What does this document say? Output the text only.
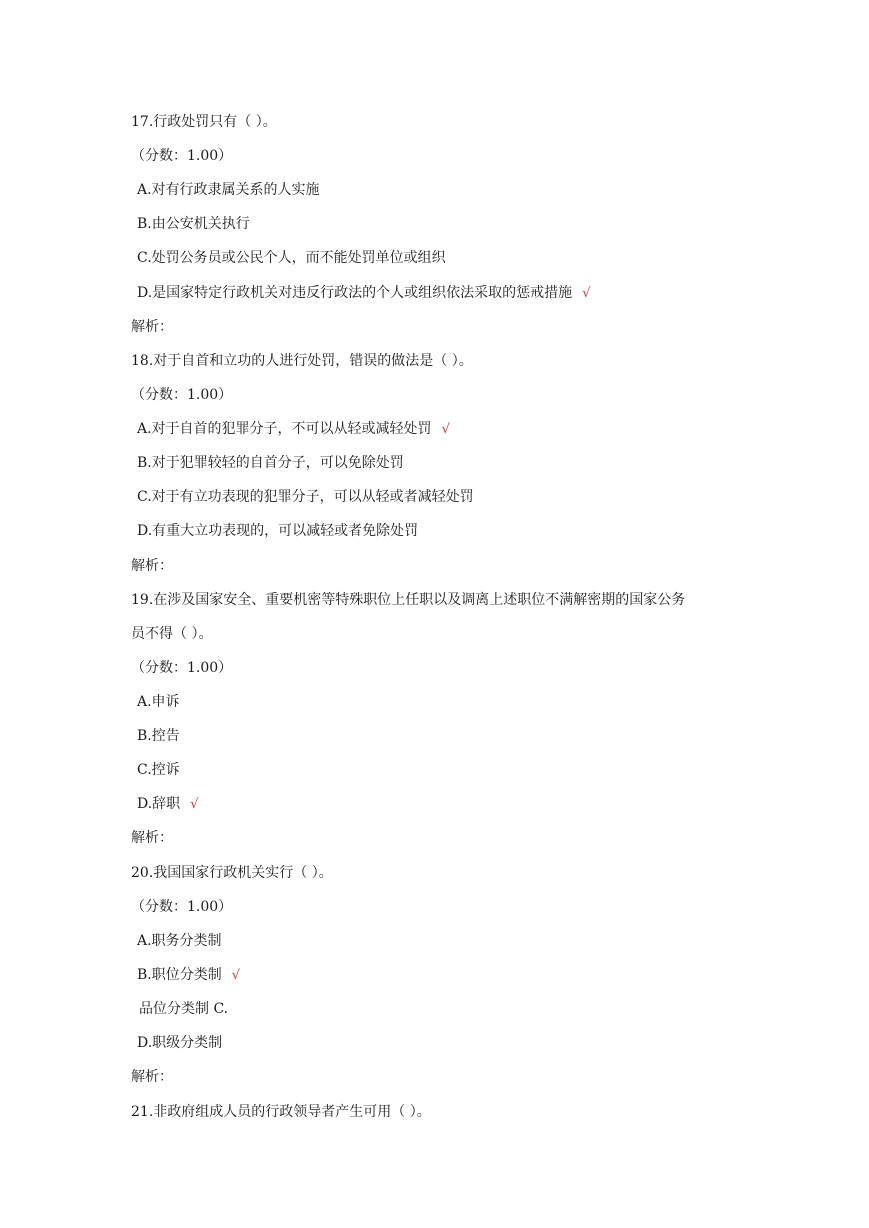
17.行政处罚只有（ ）。
（分数：1.00）
A.对有行政隶属关系的人实施
B.由公安机关执行
C.处罚公务员或公民个人，而不能处罚单位或组织
D.是国家特定行政机关对违反行政法的个人或组织依法采取的惩戒措施 √
解析：
18.对于自首和立功的人进行处罚，错误的做法是（ ）。
（分数：1.00）
A.对于自首的犯罪分子，不可以从轻或减轻处罚 √
B.对于犯罪较轻的自首分子，可以免除处罚
C.对于有立功表现的犯罪分子，可以从轻或者减轻处罚
D.有重大立功表现的，可以减轻或者免除处罚
解析：
19.在涉及国家安全、重要机密等特殊职位上任职以及调离上述职位不满解密期的国家公务
员不得（ ）。
（分数：1.00）
A.申诉
B.控告
C.控诉
D.辞职 √
解析：
20.我国国家行政机关实行（ ）。
（分数：1.00）
A.职务分类制
B.职位分类制 √
品位分类制 C.
D.职级分类制
解析：
21.非政府组成人员的行政领导者产生可用（ ）。
